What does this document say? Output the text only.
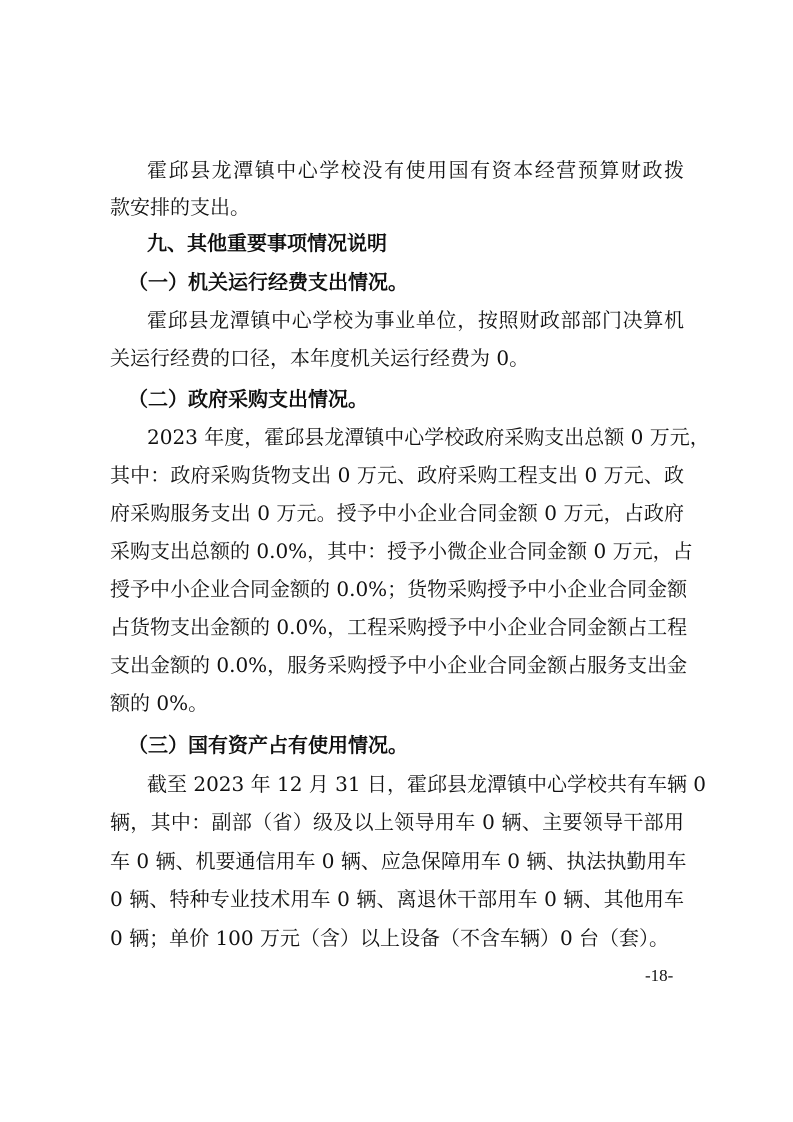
霍邱县龙潭镇中心学校没有使用国有资本经营预算财政拨
款安排的支出。
九、其他重要事项情况说明
（一）机关运行经费支出情况。
霍邱县龙潭镇中心学校为事业单位，按照财政部部门决算机
关运行经费的口径，本年度机关运行经费为 0。
（二）政府采购支出情况。
2023 年度，霍邱县龙潭镇中心学校政府采购支出总额 0 万元，
其中：政府采购货物支出 0 万元、政府采购工程支出 0 万元、政
府采购服务支出 0 万元。授予中小企业合同金额 0 万元，占政府
采购支出总额的 0.0%，其中：授予小微企业合同金额 0 万元，占
授予中小企业合同金额的 0.0%；货物采购授予中小企业合同金额
占货物支出金额的 0.0%，工程采购授予中小企业合同金额占工程
支出金额的 0.0%，服务采购授予中小企业合同金额占服务支出金
额的 0%。
（三）国有资产占有使用情况。
截至 2023 年 12 月 31 日，霍邱县龙潭镇中心学校共有车辆 0
辆，其中：副部（省）级及以上领导用车 0 辆、主要领导干部用
车 0 辆、机要通信用车 0 辆、应急保障用车 0 辆、执法执勤用车
0 辆、特种专业技术用车 0 辆、离退休干部用车 0 辆、其他用车
0 辆；单价 100 万元（含）以上设备（不含车辆）0 台（套）。
-18-
